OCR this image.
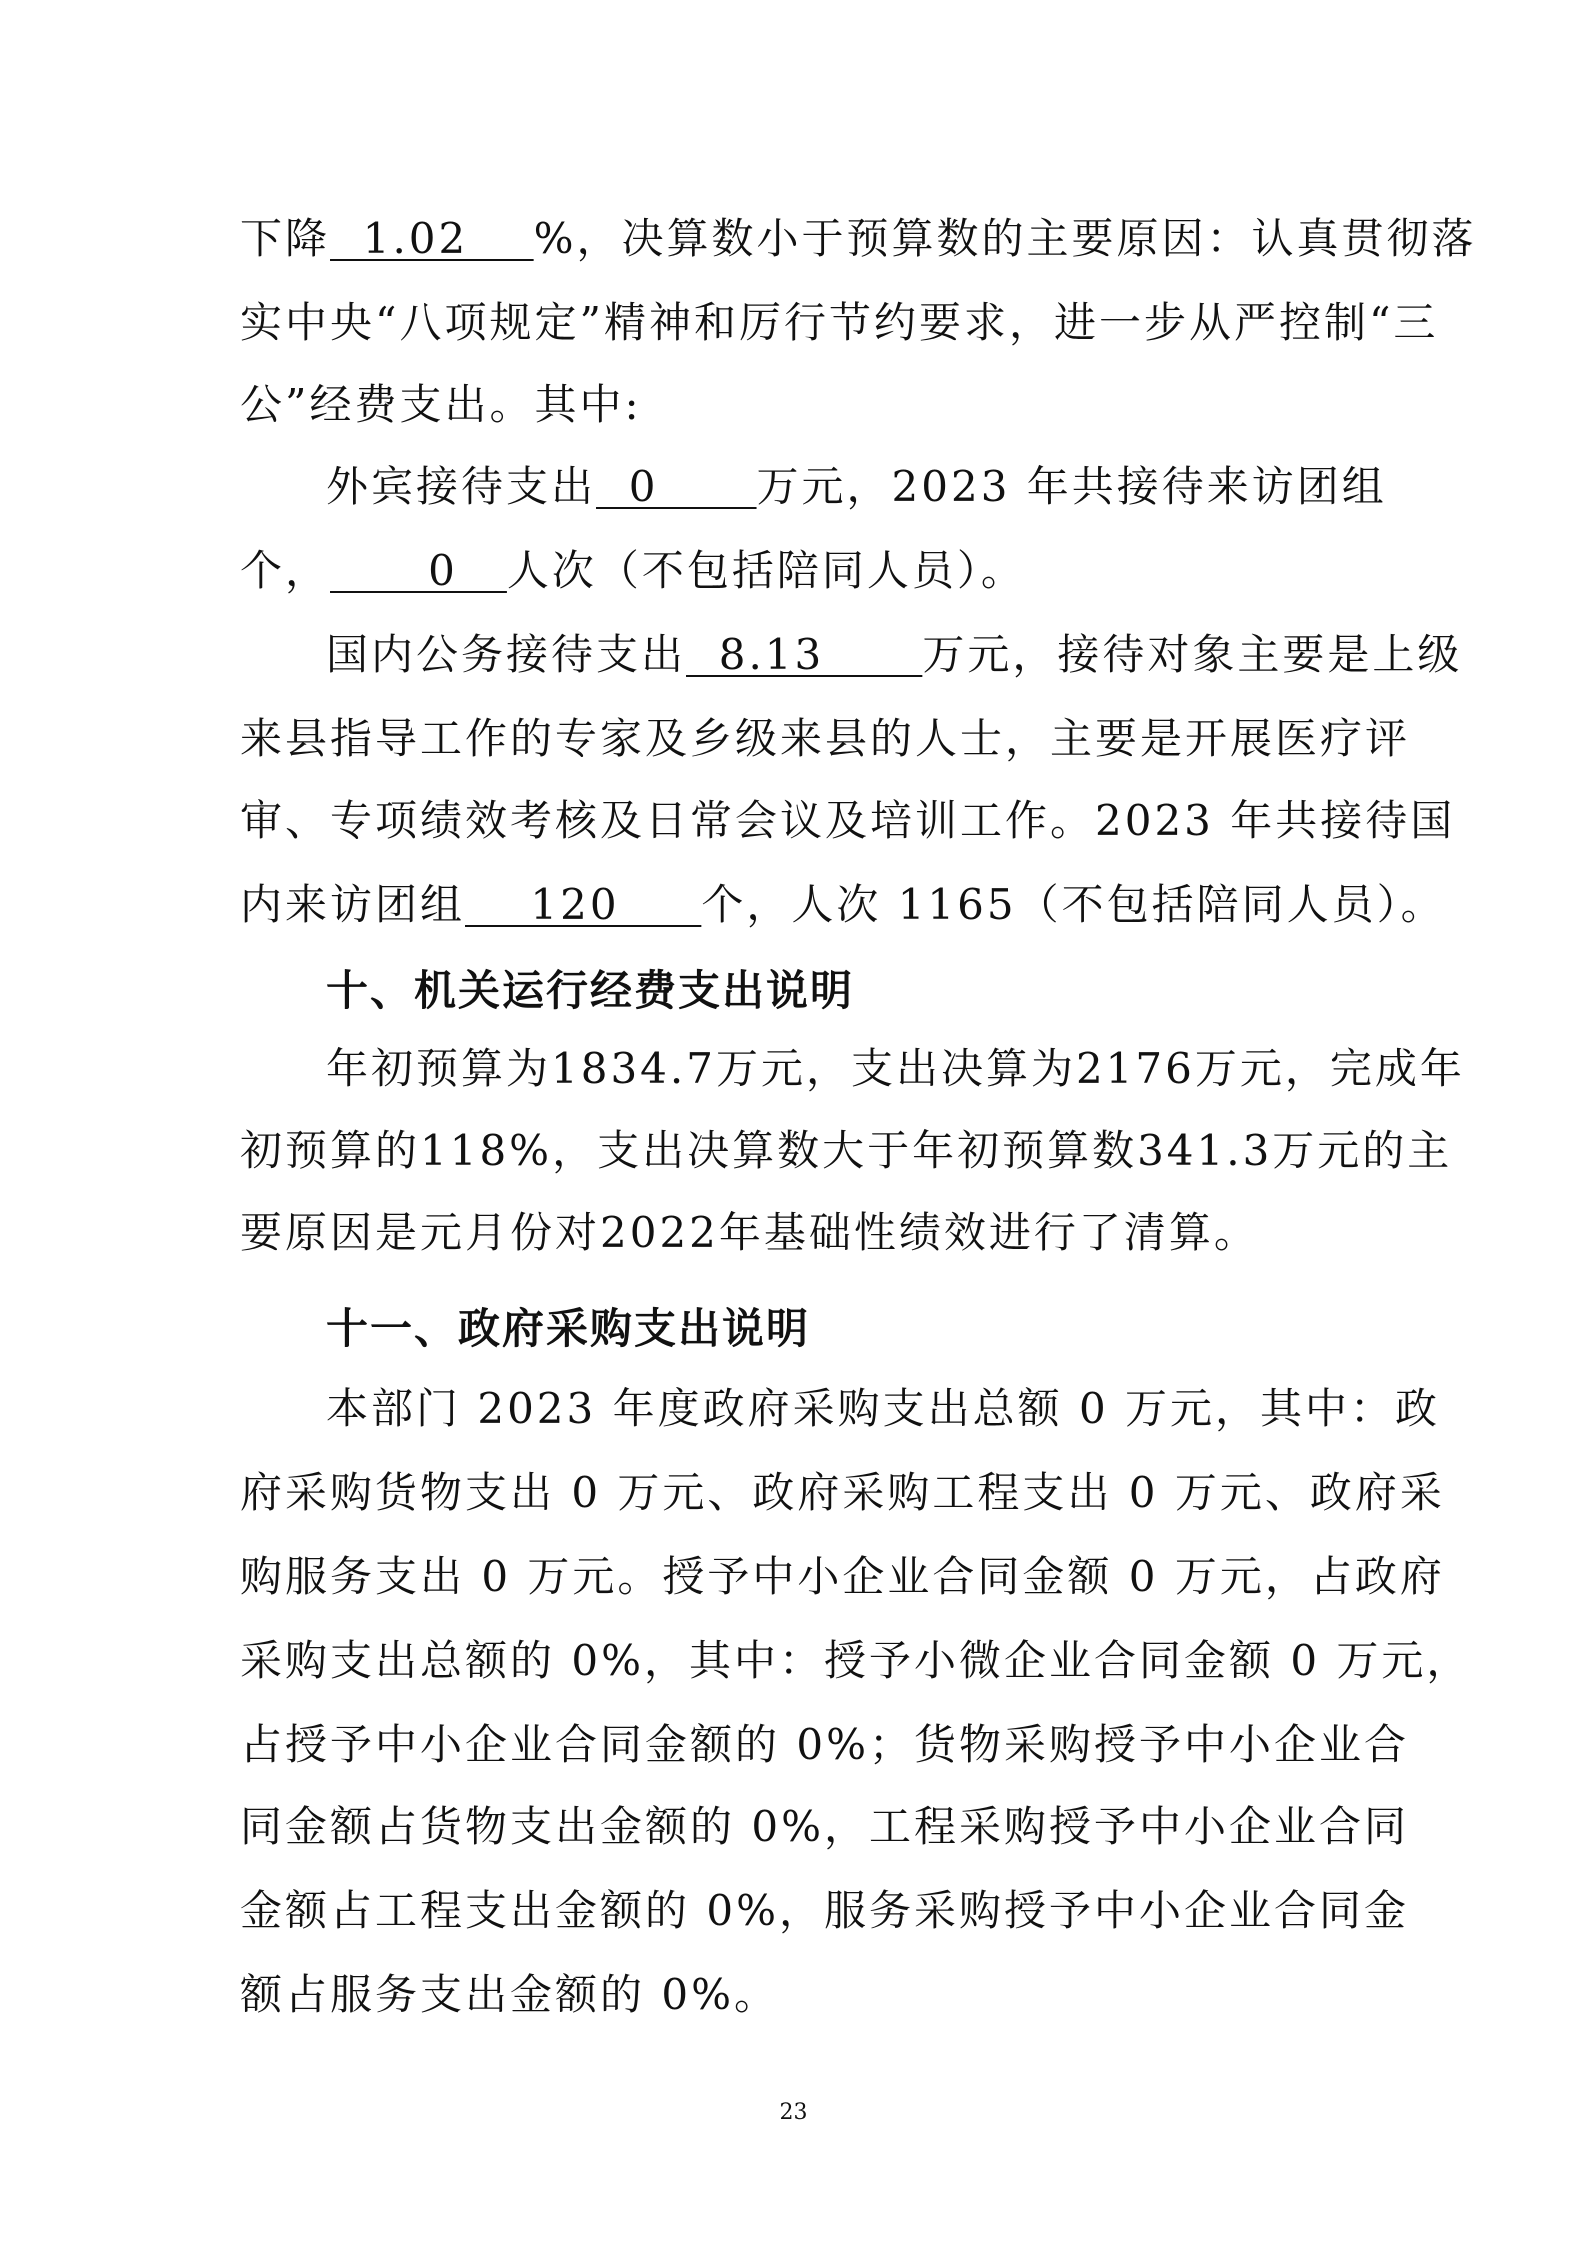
下降  1.02    %，决算数小于预算数的主要原因：认真贯彻落

实中央“八项规定”精神和厉行节约要求，进一步从严控制“三

公”经费支出。其中:

外宾接待支出  0      万元，2023 年共接待来访团组

个，      0   人次（不包括陪同人员）。

国内公务接待支出  8.13      万元，接待对象主要是上级

来县指导工作的专家及乡级来县的人士，主要是开展医疗评

审、专项绩效考核及日常会议及培训工作。2023 年共接待国

内来访团组    120     个，人次 1165（不包括陪同人员）。

十、机关运行经费支出说明

年初预算为1834.7万元，支出决算为2176万元，完成年

初预算的118%，支出决算数大于年初预算数341.3万元的主

要原因是元月份对2022年基础性绩效进行了清算。

十一、政府采购支出说明

本部门 2023 年度政府采购支出总额 0 万元，其中：政

府采购货物支出 0 万元、政府采购工程支出 0 万元、政府采

购服务支出 0 万元。授予中小企业合同金额 0 万元，占政府

采购支出总额的 0%，其中：授予小微企业合同金额 0 万元，

占授予中小企业合同金额的 0%；货物采购授予中小企业合

同金额占货物支出金额的 0%，工程采购授予中小企业合同

金额占工程支出金额的 0%，服务采购授予中小企业合同金

额占服务支出金额的 0%。

23
